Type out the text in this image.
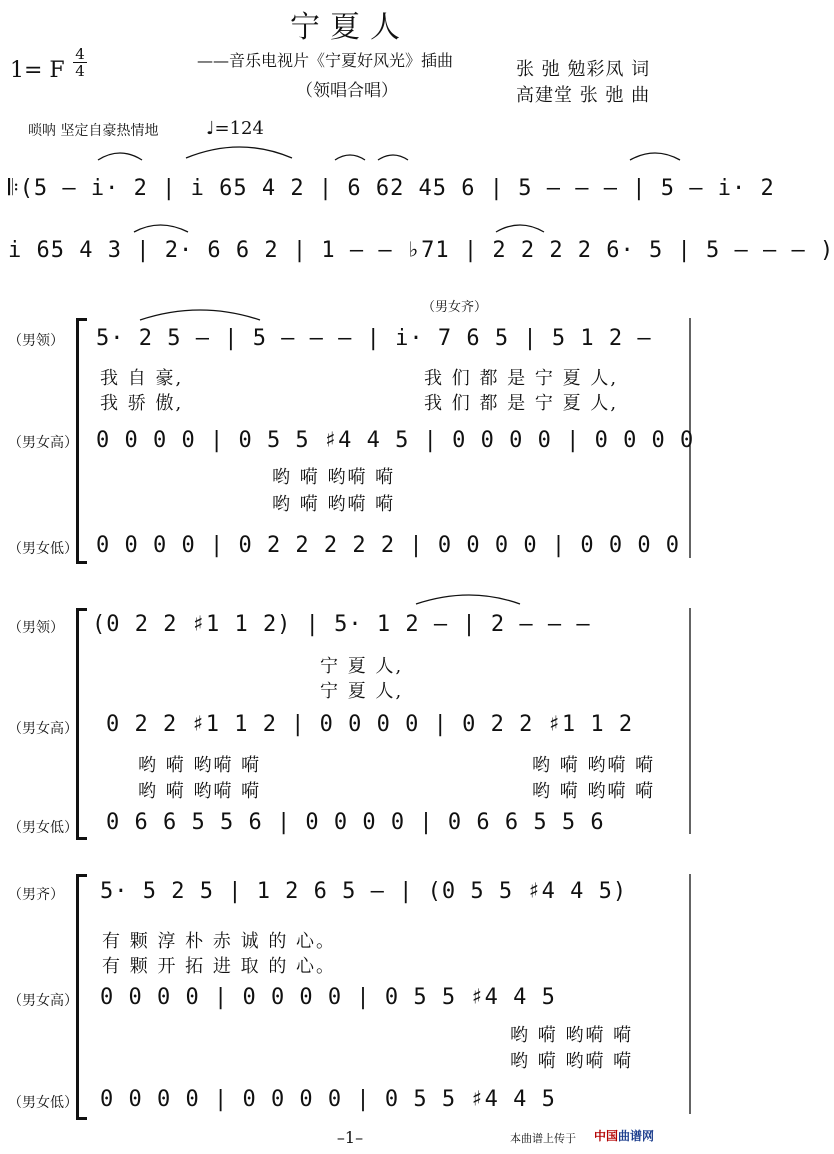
宁夏人
1= F
4
4
——音乐电视片《宁夏好风光》插曲
（领唱合唱）
张 弛 勉彩凤 词
高建堂 张 弛 曲
唢呐 坚定自豪热情地	♩=124
𝄆(5 — i· 2 | i 65 4 2 | 6 62 45 6 | 5 — — — | 5 — i· 2
i 65 4 3 | 2· 6 6 2 | 1 — — ♭71 | 2 2 2 2 6· 5 | 5 — — — )
（男女齐）
（男领） 5· 2 5 — | 5 — — — | i· 7 6 5 | 5 1 2 —
我 自 豪,	我 们 都 是 宁 夏 人,
我 骄 傲,	我 们 都 是 宁 夏 人,
（男女高） 0 0 0 0 | 0 5 5 ♯4 4 5 | 0 0 0 0 | 0 0 0 0
哟 嗬 哟嗬 嗬
哟 嗬 哟嗬 嗬
（男女低） 0 0 0 0 | 0 2 2 2 2 2 | 0 0 0 0 | 0 0 0 0
（男领） (0 2 2 ♯1 1 2) | 5· 1 2 — | 2 — — —
宁 夏 人,
宁 夏 人,
（男女高） 0 2 2 ♯1 1 2 | 0 0 0 0 | 0 2 2 ♯1 1 2
哟 嗬 哟嗬 嗬
哟 嗬 哟嗬 嗬
哟 嗬 哟嗬 嗬
哟 嗬 哟嗬 嗬
（男女低） 0 6 6 5 5 6 | 0 0 0 0 | 0 6 6 5 5 6
（男齐） 5· 5 2 5 | 1 2 6 5 — | (0 5 5 ♯4 4 5)
有 颗 淳 朴 赤 诚 的 心。
有 颗 开 拓 进 取 的 心。
（男女高） 0 0 0 0 | 0 0 0 0 | 0 5 5 ♯4 4 5
哟 嗬 哟嗬 嗬
哟 嗬 哟嗬 嗬
（男女低） 0 0 0 0 | 0 0 0 0 | 0 5 5 ♯4 4 5
–1–	本曲谱上传于 中国曲谱网
